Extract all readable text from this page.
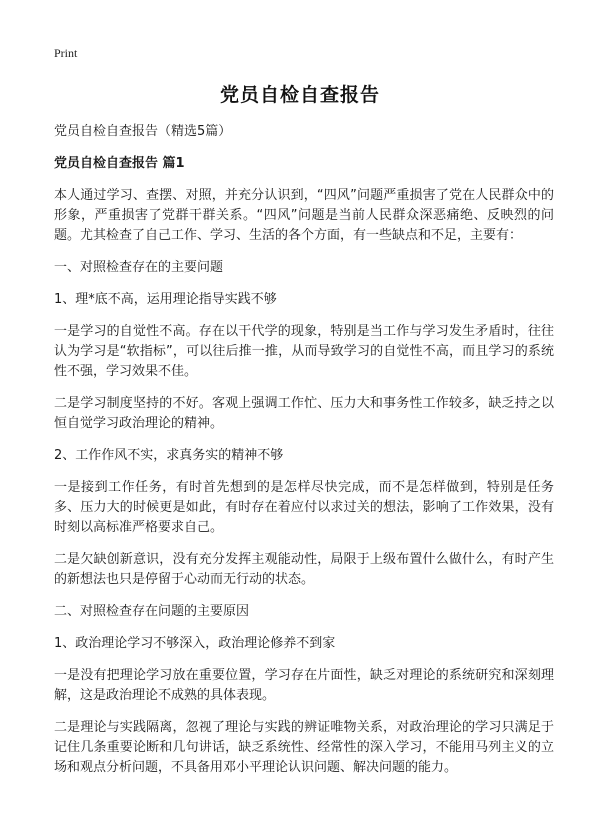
Print
党员自检自查报告

党员自检自查报告（精选5篇）

党员自检自查报告 篇1

本人通过学习、查摆、对照，并充分认识到，“四风”问题严重损害了党在人民群众中的形象，严重损害了党群干群关系。“四风”问题是当前人民群众深恶痛绝、反映烈的问题。尤其检查了自己工作、学习、生活的各个方面，有一些缺点和不足，主要有：

一、对照检查存在的主要问题

1、理*底不高，运用理论指导实践不够

一是学习的自觉性不高。存在以干代学的现象，特别是当工作与学习发生矛盾时，往往认为学习是“软指标”，可以往后推一推，从而导致学习的自觉性不高，而且学习的系统性不强，学习效果不佳。

二是学习制度坚持的不好。客观上强调工作忙、压力大和事务性工作较多，缺乏持之以恒自觉学习政治理论的精神。

2、工作作风不实，求真务实的精神不够

一是接到工作任务，有时首先想到的是怎样尽快完成，而不是怎样做到，特别是任务多、压力大的时候更是如此，有时存在着应付以求过关的想法，影响了工作效果，没有时刻以高标准严格要求自己。

二是欠缺创新意识，没有充分发挥主观能动性，局限于上级布置什么做什么，有时产生的新想法也只是停留于心动而无行动的状态。

二、对照检查存在问题的主要原因

1、政治理论学习不够深入，政治理论修养不到家

一是没有把理论学习放在重要位置，学习存在片面性，缺乏对理论的系统研究和深刻理解，这是政治理论不成熟的具体表现。

二是理论与实践隔离，忽视了理论与实践的辨证唯物关系，对政治理论的学习只满足于记住几条重要论断和几句讲话，缺乏系统性、经常性的深入学习，不能用马列主义的立场和观点分析问题，不具备用邓小平理论认识问题、解决问题的能力。
